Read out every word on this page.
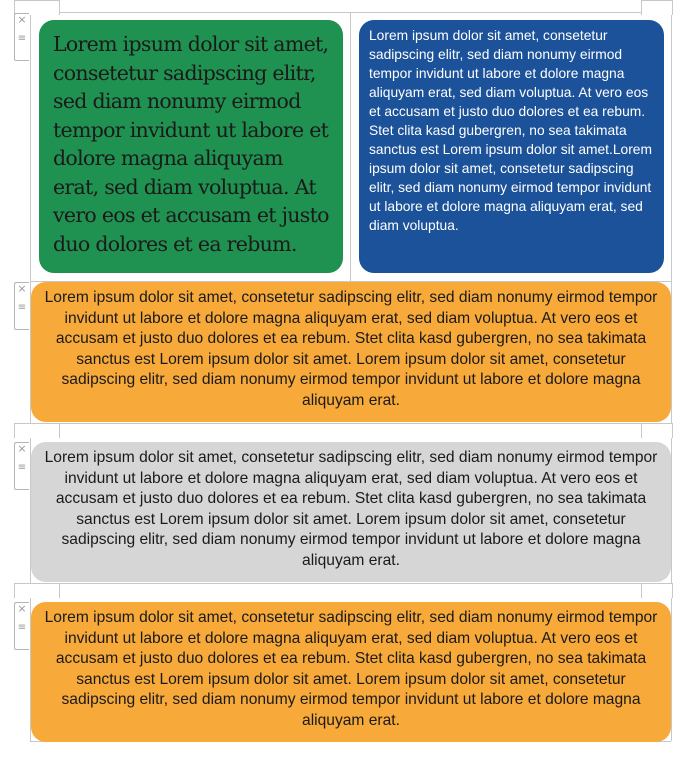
×
≡
×
≡
×
≡
×
≡
Lorem ipsum dolor sit amet, consetetur sadipscing elitr, sed diam nonumy eirmod tempor invidunt ut labore et dolore magna aliquyam erat, sed diam voluptua. At vero eos et accusam et justo duo dolores et ea rebum.
Lorem ipsum dolor sit amet, consetetur sadipscing elitr, sed diam nonumy eirmod tempor invidunt ut labore et dolore magna aliquyam erat, sed diam voluptua. At vero eos et accusam et justo duo dolores et ea rebum. Stet clita kasd gubergren, no sea takimata sanctus est Lorem ipsum dolor sit amet.Lorem ipsum dolor sit amet, consetetur sadipscing elitr, sed diam nonumy eirmod tempor invidunt ut labore et dolore magna aliquyam erat, sed diam voluptua.
Lorem ipsum dolor sit amet, consetetur sadipscing elitr, sed diam nonumy eirmod tempor invidunt ut labore et dolore magna aliquyam erat, sed diam voluptua. At vero eos et accusam et justo duo dolores et ea rebum. Stet clita kasd gubergren, no sea takimata sanctus est Lorem ipsum dolor sit amet. Lorem ipsum dolor sit amet, consetetur sadipscing elitr, sed diam nonumy eirmod tempor invidunt ut labore et dolore magna aliquyam erat.
Lorem ipsum dolor sit amet, consetetur sadipscing elitr, sed diam nonumy eirmod tempor invidunt ut labore et dolore magna aliquyam erat, sed diam voluptua. At vero eos et accusam et justo duo dolores et ea rebum. Stet clita kasd gubergren, no sea takimata sanctus est Lorem ipsum dolor sit amet. Lorem ipsum dolor sit amet, consetetur sadipscing elitr, sed diam nonumy eirmod tempor invidunt ut labore et dolore magna aliquyam erat.
Lorem ipsum dolor sit amet, consetetur sadipscing elitr, sed diam nonumy eirmod tempor invidunt ut labore et dolore magna aliquyam erat, sed diam voluptua. At vero eos et accusam et justo duo dolores et ea rebum. Stet clita kasd gubergren, no sea takimata sanctus est Lorem ipsum dolor sit amet. Lorem ipsum dolor sit amet, consetetur sadipscing elitr, sed diam nonumy eirmod tempor invidunt ut labore et dolore magna aliquyam erat.
